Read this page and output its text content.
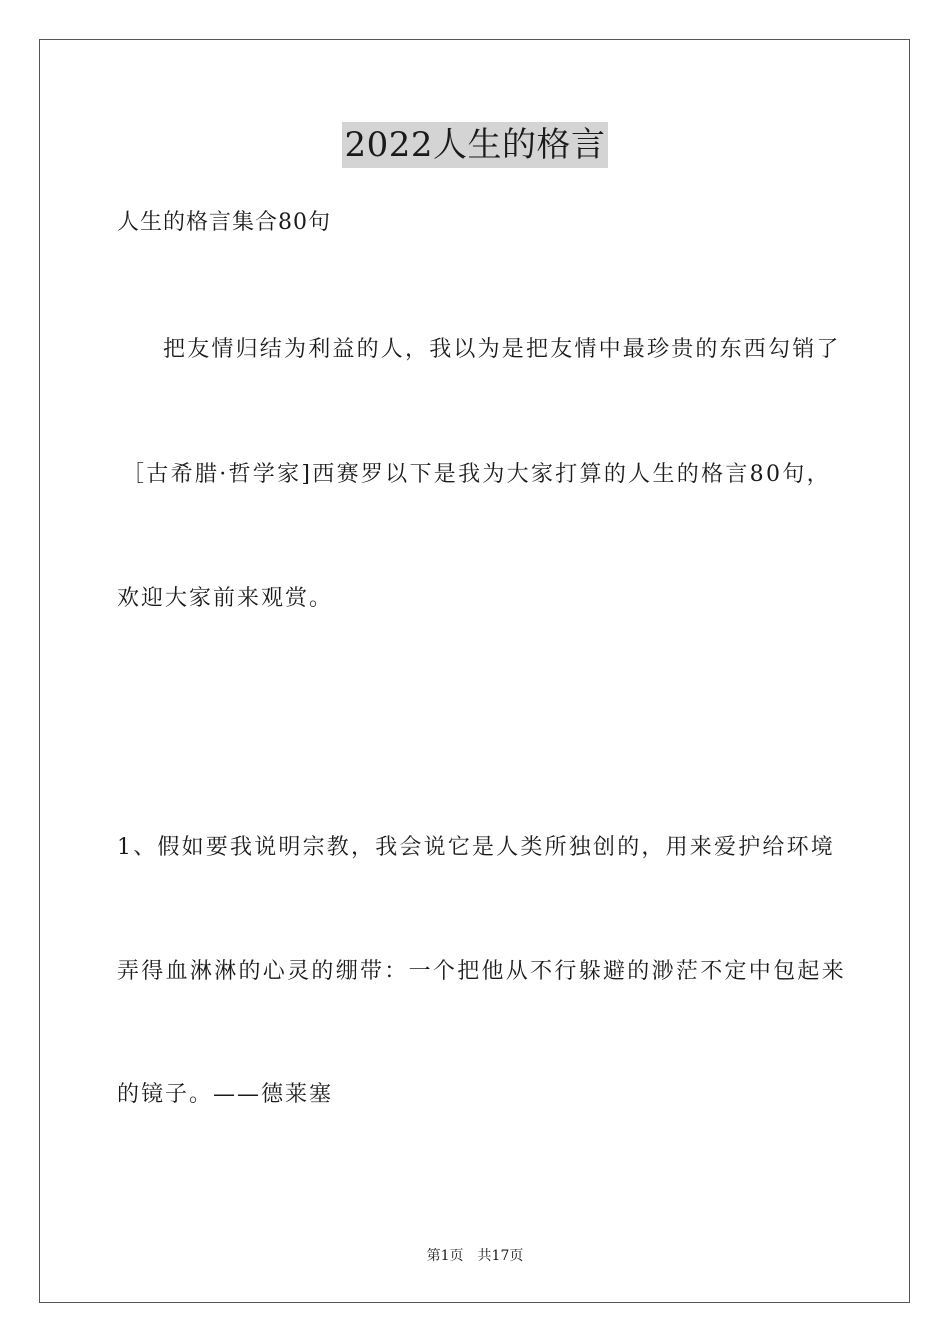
2022人生的格言
人生的格言集合80句
把友情归结为利益的人，我以为是把友情中最珍贵的东西勾销了
［古希腊·哲学家]西赛罗以下是我为大家打算的人生的格言80句，
欢迎大家前来观赏。
1、假如要我说明宗教，我会说它是人类所独创的，用来爱护给环境
弄得血淋淋的心灵的绷带：一个把他从不行躲避的渺茫不定中包起来
的镜子。——德莱塞
第1页 共17页
